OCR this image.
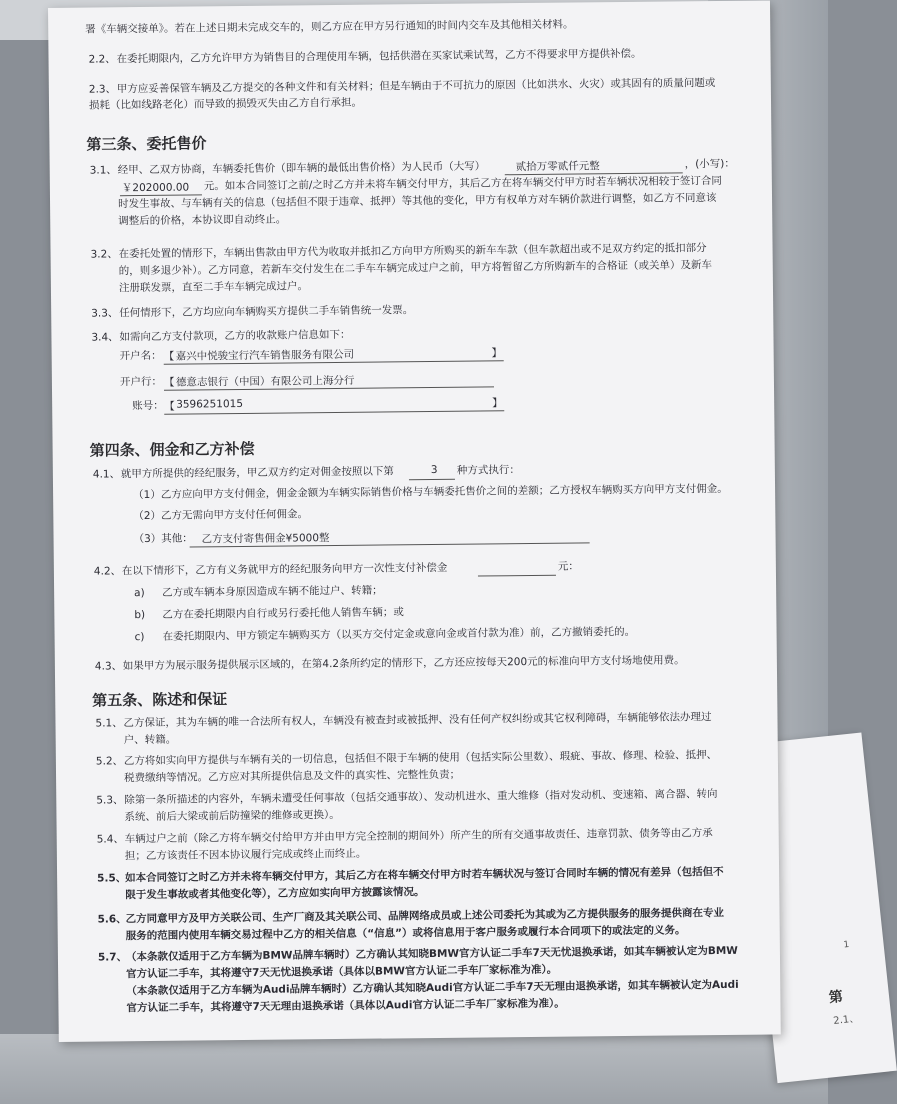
1
第
2.1、
署《车辆交接单》。若在上述日期未完成交车的，则乙方应在甲方另行通知的时间内交车及其他相关材料。
2.2、 在委托期限内，乙方允许甲方为销售目的合理使用车辆，包括供潜在买家试乘试驾，乙方不得要求甲方提供补偿。
2.3、 甲方应妥善保管车辆及乙方提交的各种文件和有关材料；但是车辆由于不可抗力的原因（比如洪水、火灾）或其固有的质量问题或
损耗（比如线路老化）而导致的损毁灭失由乙方自行承担。
第三条、委托售价
3.1、 经甲、乙双方协商，车辆委托售价（即车辆的最低出售价格）为人民币（大写）	贰拾万零贰仟元整	，(小写)：
￥202000.00 元。如本合同签订之前/之时乙方并未将车辆交付甲方，其后乙方在将车辆交付甲方时若车辆状况相较于签订合同
时发生事故、与车辆有关的信息（包括但不限于违章、抵押）等其他的变化，甲方有权单方对车辆价款进行调整，如乙方不同意该
调整后的价格，本协议即自动终止。
3.2、 在委托处置的情形下，车辆出售款由甲方代为收取并抵扣乙方向甲方所购买的新车车款（但车款超出或不足双方约定的抵扣部分
的，则多退少补）。乙方同意，若新车交付发生在二手车车辆完成过户之前，甲方将暂留乙方所购新车的合格证（或关单）及新车
注册联发票，直至二手车车辆完成过户。
3.3、 任何情形下，乙方均应向车辆购买方提供二手车销售统一发票。
3.4、 如需向乙方支付款项，乙方的收款账户信息如下：
开户名： 【 嘉兴中悦骏宝行汽车销售服务有限公司	】
开户行： 【 德意志银行（中国）有限公司上海分行
账号： 【 3596251015	】
第四条、佣金和乙方补偿
4.1、 就甲方所提供的经纪服务，甲乙双方约定对佣金按照以下第	3 种方式执行：
（1）乙方应向甲方支付佣金，佣金金额为车辆实际销售价格与车辆委托售价之间的差额；乙方授权车辆购买方向甲方支付佣金。
（2）乙方无需向甲方支付任何佣金。
（3）其他： 乙方支付寄售佣金¥5000整
4.2、 在以下情形下，乙方有义务就甲方的经纪服务向甲方一次性支付补偿金	元：
a) 乙方或车辆本身原因造成车辆不能过户、转籍；
b) 乙方在委托期限内自行或另行委托他人销售车辆；或
c) 在委托期限内、甲方锁定车辆购买方（以买方交付定金或意向金或首付款为准）前，乙方撤销委托的。
4.3、 如果甲方为展示服务提供展示区域的，在第4.2条所约定的情形下，乙方还应按每天200元的标准向甲方支付场地使用费。
第五条、陈述和保证
5.1、 乙方保证，其为车辆的唯一合法所有权人，车辆没有被查封或被抵押、没有任何产权纠纷或其它权利障碍，车辆能够依法办理过
户、转籍。
5.2、 乙方将如实向甲方提供与车辆有关的一切信息，包括但不限于车辆的使用（包括实际公里数）、瑕疵、事故、修理、检验、抵押、
税费缴纳等情况。乙方应对其所提供信息及文件的真实性、完整性负责；
5.3、 除第一条所描述的内容外，车辆未遭受任何事故（包括交通事故）、发动机进水、重大维修（指对发动机、变速箱、离合器、转向
系统、前后大梁或前后防撞梁的维修或更换）。
5.4、 车辆过户之前（除乙方将车辆交付给甲方并由甲方完全控制的期间外）所产生的所有交通事故责任、违章罚款、债务等由乙方承
担；乙方该责任不因本协议履行完成或终止而终止。
5.5、
如本合同签订之时乙方并未将车辆交付甲方，其后乙方在将车辆交付甲方时若车辆状况与签订合同时车辆的情况有差异（包括但不
限于发生事故或者其他变化等），乙方应如实向甲方披露该情况。
5.6、
乙方同意甲方及甲方关联公司、生产厂商及其关联公司、品牌网络成员或上述公司委托为其或为乙方提供服务的服务提供商在专业
服务的范围内使用车辆交易过程中乙方的相关信息（“信息”）或将信息用于客户服务或履行本合同项下的或法定的义务。
5.7、
（本条款仅适用于乙方车辆为BMW品牌车辆时）乙方确认其知晓BMW官方认证二手车7天无忧退换承诺，如其车辆被认定为BMW
官方认证二手车，其将遵守7天无忧退换承诺（具体以BMW官方认证二手车厂家标准为准）。
（本条款仅适用于乙方车辆为Audi品牌车辆时）乙方确认其知晓Audi官方认证二手车7天无理由退换承诺，如其车辆被认定为Audi
官方认证二手车，其将遵守7天无理由退换承诺（具体以Audi官方认证二手车厂家标准为准）。
